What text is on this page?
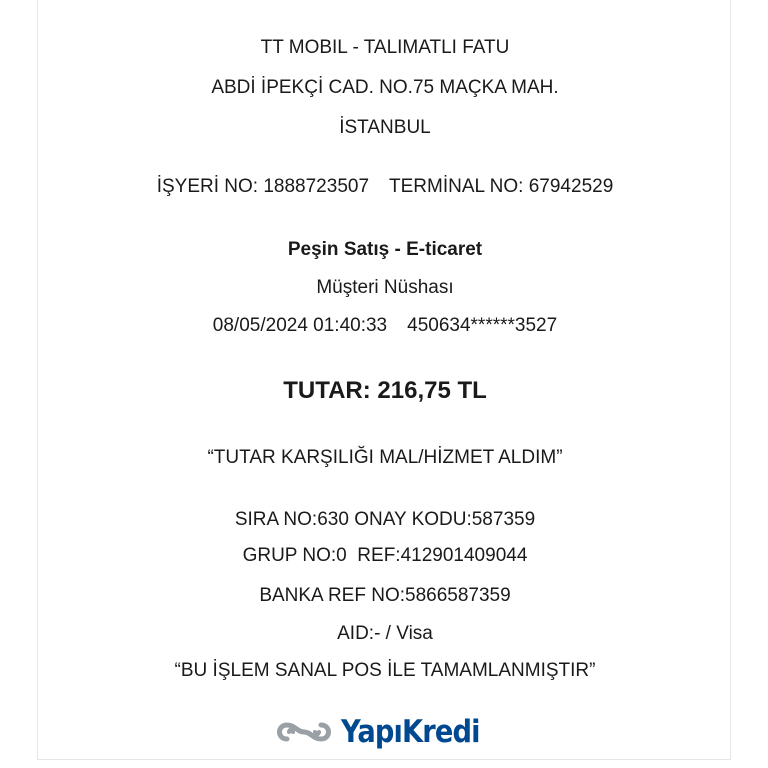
TT MOBIL - TALIMATLI FATU
ABDİ İPEKÇİ CAD. NO.75 MAÇKA MAH.
İSTANBUL
İŞYERİ NO: 1888723507 TERMİNAL NO: 67942529
Peşin Satış - E-ticaret
Müşteri Nüshası
08/05/2024 01:40:33 450634******3527
TUTAR: 216,75 TL
“TUTAR KARŞILIĞI MAL/HİZMET ALDIM”
SIRA NO:630 ONAY KODU:587359
GRUP NO:0  REF:412901409044
BANKA REF NO:5866587359
AID:- / Visa
“BU İŞLEM SANAL POS İLE TAMAMLANMIŞTIR”
YapıKredi
